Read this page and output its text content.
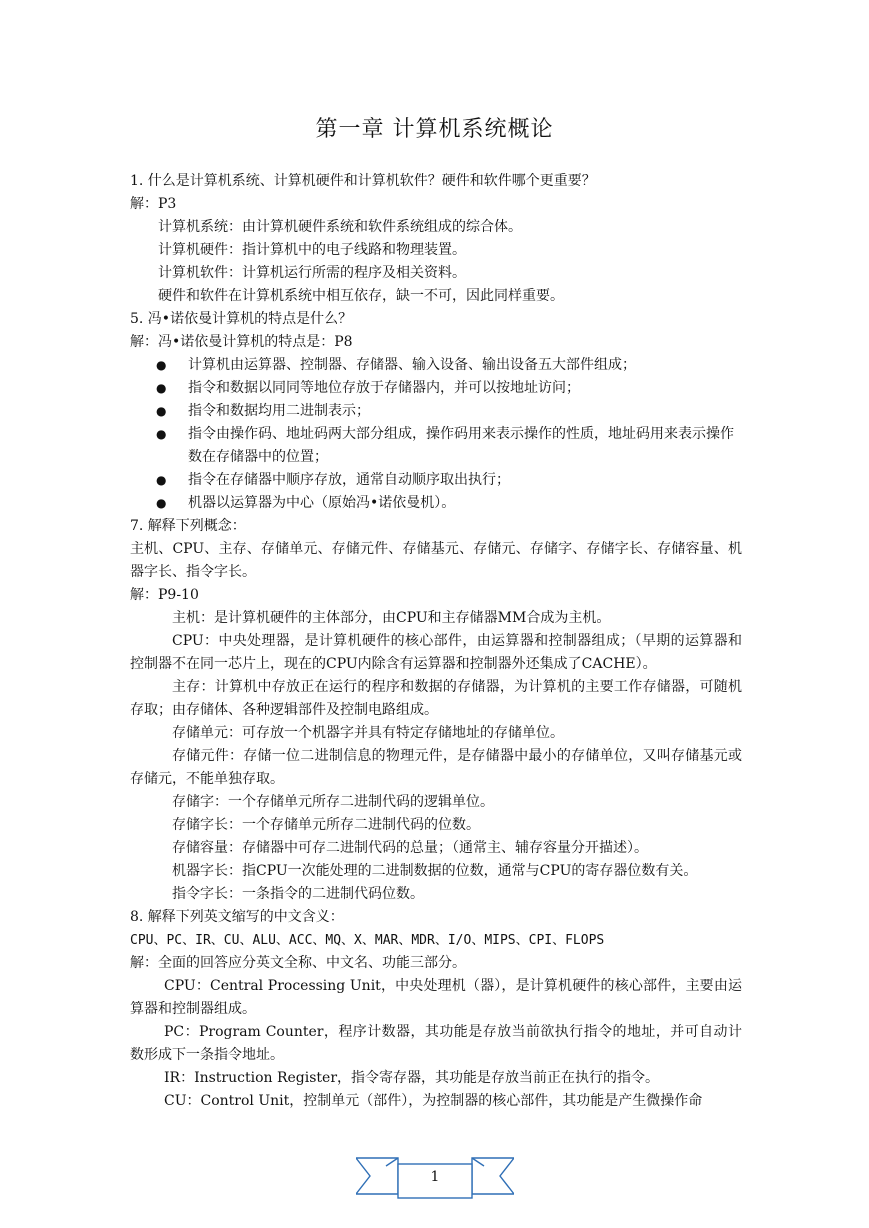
第一章 计算机系统概论

1. 什么是计算机系统、计算机硬件和计算机软件？硬件和软件哪个更重要？

解：P3

计算机系统：由计算机硬件系统和软件系统组成的综合体。

计算机硬件：指计算机中的电子线路和物理装置。

计算机软件：计算机运行所需的程序及相关资料。

硬件和软件在计算机系统中相互依存，缺一不可，因此同样重要。

5. 冯•诺依曼计算机的特点是什么？

解：冯•诺依曼计算机的特点是：P8

● 计算机由运算器、控制器、存储器、输入设备、输出设备五大部件组成；
● 指令和数据以同同等地位存放于存储器内，并可以按地址访问；
● 指令和数据均用二进制表示；
● 指令由操作码、地址码两大部分组成，操作码用来表示操作的性质，地址码用来表示操作数在存储器中的位置；
● 指令在存储器中顺序存放，通常自动顺序取出执行；
● 机器以运算器为中心（原始冯•诺依曼机）。

7. 解释下列概念：

主机、CPU、主存、存储单元、存储元件、存储基元、存储元、存储字、存储字长、存储容量、机器字长、指令字长。

解：P9-10

主机：是计算机硬件的主体部分，由CPU和主存储器MM合成为主机。

CPU：中央处理器，是计算机硬件的核心部件，由运算器和控制器组成；（早期的运算器和控制器不在同一芯片上，现在的CPU内除含有运算器和控制器外还集成了CACHE）。

主存：计算机中存放正在运行的程序和数据的存储器，为计算机的主要工作存储器，可随机存取；由存储体、各种逻辑部件及控制电路组成。

存储单元：可存放一个机器字并具有特定存储地址的存储单位。

存储元件：存储一位二进制信息的物理元件，是存储器中最小的存储单位，又叫存储基元或存储元，不能单独存取。

存储字：一个存储单元所存二进制代码的逻辑单位。

存储字长：一个存储单元所存二进制代码的位数。

存储容量：存储器中可存二进制代码的总量；（通常主、辅存容量分开描述）。

机器字长：指CPU一次能处理的二进制数据的位数，通常与CPU的寄存器位数有关。

指令字长：一条指令的二进制代码位数。

8. 解释下列英文缩写的中文含义：

CPU、PC、IR、CU、ALU、ACC、MQ、X、MAR、MDR、I/O、MIPS、CPI、FLOPS

解：全面的回答应分英文全称、中文名、功能三部分。

CPU：Central Processing Unit，中央处理机（器），是计算机硬件的核心部件，主要由运算器和控制器组成。

PC：Program Counter，程序计数器，其功能是存放当前欲执行指令的地址，并可自动计数形成下一条指令地址。

IR：Instruction Register，指令寄存器，其功能是存放当前正在执行的指令。

CU：Control Unit，控制单元（部件），为控制器的核心部件，其功能是产生微操作命

1
